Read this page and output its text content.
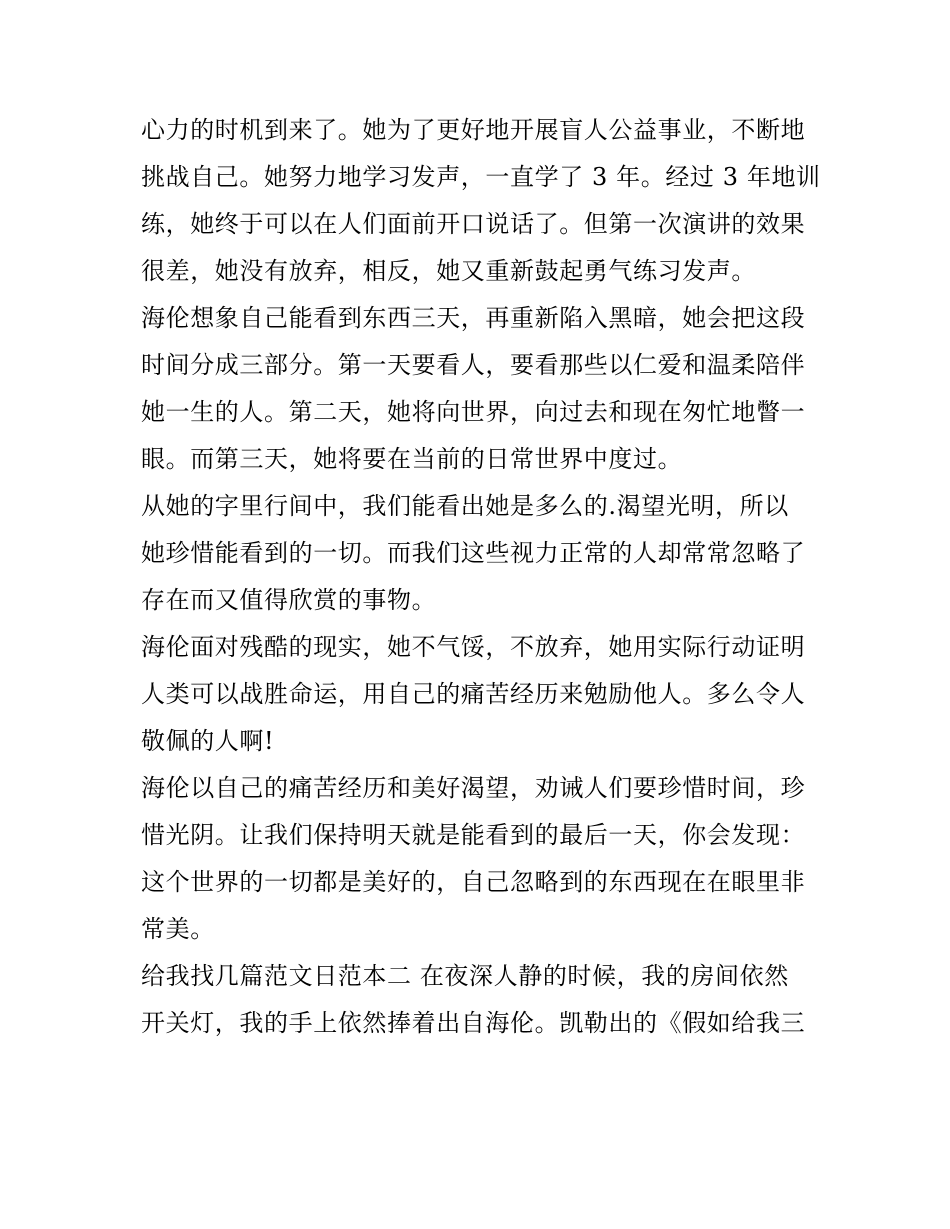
心力的时机到来了。她为了更好地开展盲人公益事业，不断地
挑战自己。她努力地学习发声，一直学了 3 年。经过 3 年地训
练，她终于可以在人们面前开口说话了。但第一次演讲的效果
很差，她没有放弃，相反，她又重新鼓起勇气练习发声。
海伦想象自己能看到东西三天，再重新陷入黑暗，她会把这段
时间分成三部分。第一天要看人，要看那些以仁爱和温柔陪伴
她一生的人。第二天，她将向世界，向过去和现在匆忙地瞥一
眼。而第三天，她将要在当前的日常世界中度过。
从她的字里行间中，我们能看出她是多么的.渴望光明，所以
她珍惜能看到的一切。而我们这些视力正常的人却常常忽略了
存在而又值得欣赏的事物。
海伦面对残酷的现实，她不气馁，不放弃，她用实际行动证明
人类可以战胜命运，用自己的痛苦经历来勉励他人。多么令人
敬佩的人啊!
海伦以自己的痛苦经历和美好渴望，劝诫人们要珍惜时间，珍
惜光阴。让我们保持明天就是能看到的最后一天，你会发现：
这个世界的一切都是美好的，自己忽略到的东西现在在眼里非
常美。
给我找几篇范文日范本二 在夜深人静的时候，我的房间依然
开关灯，我的手上依然捧着出自海伦。凯勒出的《假如给我三
